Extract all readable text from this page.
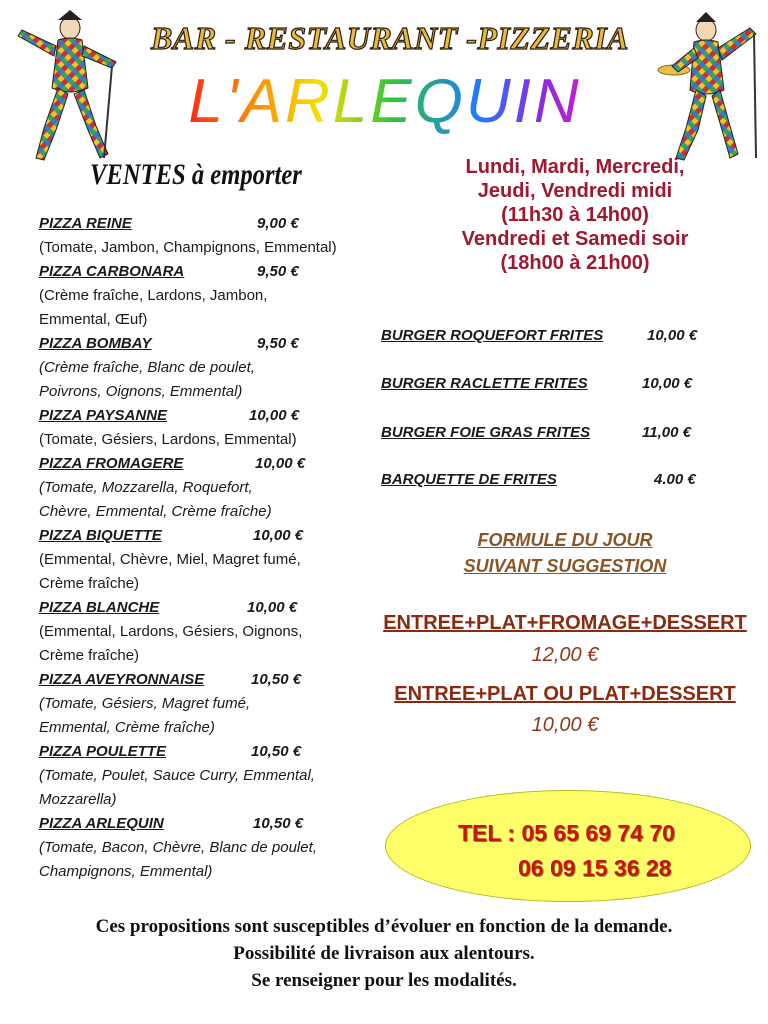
BAR - RESTAURANT -PIZZERIA
L'ARLEQUIN
VENTES à emporter
PIZZA REINE	9,00 €
(Tomate, Jambon, Champignons, Emmental)
PIZZA CARBONARA	9,50 €
(Crème fraîche, Lardons, Jambon,
Emmental, Œuf)
PIZZA BOMBAY	9,50 €
(Crème fraîche, Blanc de poulet,
Poivrons, Oignons, Emmental)
PIZZA PAYSANNE	10,00 €
(Tomate, Gésiers, Lardons, Emmental)
PIZZA FROMAGERE	10,00 €
(Tomate, Mozzarella, Roquefort,
Chèvre, Emmental, Crème fraîche)
PIZZA BIQUETTE	10,00 €
(Emmental, Chèvre, Miel, Magret fumé,
Crème fraîche)
PIZZA BLANCHE	10,00 €
(Emmental, Lardons, Gésiers, Oignons,
Crème fraîche)
PIZZA AVEYRONNAISE	10,50 €
(Tomate, Gésiers, Magret fumé,
Emmental, Crème fraîche)
PIZZA POULETTE	10,50 €
(Tomate, Poulet, Sauce Curry, Emmental,
Mozzarella)
PIZZA ARLEQUIN	10,50 €
(Tomate, Bacon, Chèvre, Blanc de poulet,
Champignons, Emmental)
Lundi, Mardi, Mercredi,
Jeudi, Vendredi midi
(11h30 à 14h00)
Vendredi et Samedi soir
(18h00 à 21h00)
BURGER ROQUEFORT FRITES	10,00 €
BURGER RACLETTE FRITES	10,00 €
BURGER FOIE GRAS FRITES	11,00 €
BARQUETTE DE FRITES	4.00 €
FORMULE DU JOUR
SUIVANT SUGGESTION
ENTREE+PLAT+FROMAGE+DESSERT
12,00 €
ENTREE+PLAT OU PLAT+DESSERT
10,00 €
TEL : 05 65 69 74 70
06 09 15 36 28
Ces propositions sont susceptibles d’évoluer en fonction de la demande.
Possibilité de livraison aux alentours.
Se renseigner pour les modalités.
